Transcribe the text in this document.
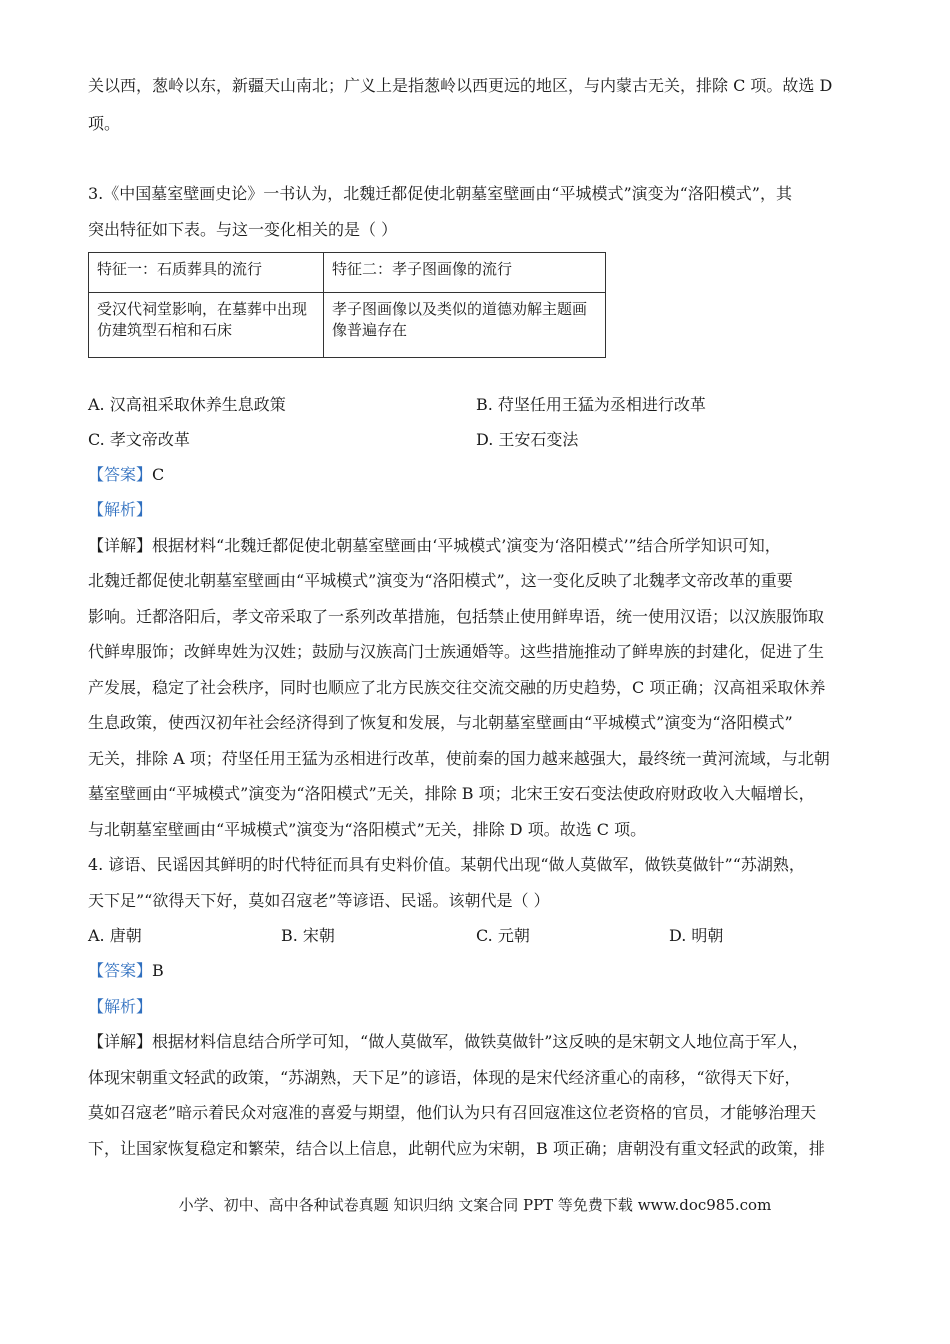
关以西，葱岭以东，新疆天山南北；广义上是指葱岭以西更远的地区，与内蒙古无关，排除 C 项。故选 D
项。
3.《中国墓室壁画史论》一书认为，北魏迁都促使北朝墓室壁画由“平城模式”演变为“洛阳模式”，其
突出特征如下表。与这一变化相关的是（ ）
特征一：石质葬具的流行	特征二：孝子图画像的流行
受汉代祠堂影响，在墓葬中出现仿建筑型石棺和石床	孝子图画像以及类似的道德劝解主题画像普遍存在
A. 汉高祖采取休养生息政策	B. 苻坚任用王猛为丞相进行改革
C. 孝文帝改革	D. 王安石变法
【答案】C
【解析】
【详解】根据材料“北魏迁都促使北朝墓室壁画由‘平城模式’演变为‘洛阳模式’”结合所学知识可知，
北魏迁都促使北朝墓室壁画由“平城模式”演变为“洛阳模式”，这一变化反映了北魏孝文帝改革的重要
影响。迁都洛阳后，孝文帝采取了一系列改革措施，包括禁止使用鲜卑语，统一使用汉语；以汉族服饰取
代鲜卑服饰；改鲜卑姓为汉姓；鼓励与汉族高门士族通婚等。这些措施推动了鲜卑族的封建化，促进了生
产发展，稳定了社会秩序，同时也顺应了北方民族交往交流交融的历史趋势，C 项正确；汉高祖采取休养
生息政策，使西汉初年社会经济得到了恢复和发展，与北朝墓室壁画由“平城模式”演变为“洛阳模式”
无关，排除 A 项；苻坚任用王猛为丞相进行改革，使前秦的国力越来越强大，最终统一黄河流域，与北朝
墓室壁画由“平城模式”演变为“洛阳模式”无关，排除 B 项；北宋王安石变法使政府财政收入大幅增长，
与北朝墓室壁画由“平城模式”演变为“洛阳模式”无关，排除 D 项。故选 C 项。
4. 谚语、民谣因其鲜明的时代特征而具有史料价值。某朝代出现“做人莫做军，做铁莫做针”“苏湖熟，
天下足”“欲得天下好，莫如召寇老”等谚语、民谣。该朝代是（ ）
A. 唐朝	B. 宋朝	C. 元朝	D. 明朝
【答案】B
【解析】
【详解】根据材料信息结合所学可知，“做人莫做军，做铁莫做针”这反映的是宋朝文人地位高于军人，
体现宋朝重文轻武的政策，“苏湖熟，天下足”的谚语，体现的是宋代经济重心的南移，“欲得天下好，
莫如召寇老”暗示着民众对寇准的喜爱与期望，他们认为只有召回寇准这位老资格的官员，才能够治理天
下，让国家恢复稳定和繁荣，结合以上信息，此朝代应为宋朝，B 项正确；唐朝没有重文轻武的政策，排
小学、初中、高中各种试卷真题 知识归纳 文案合同 PPT 等免费下载 www.doc985.com
